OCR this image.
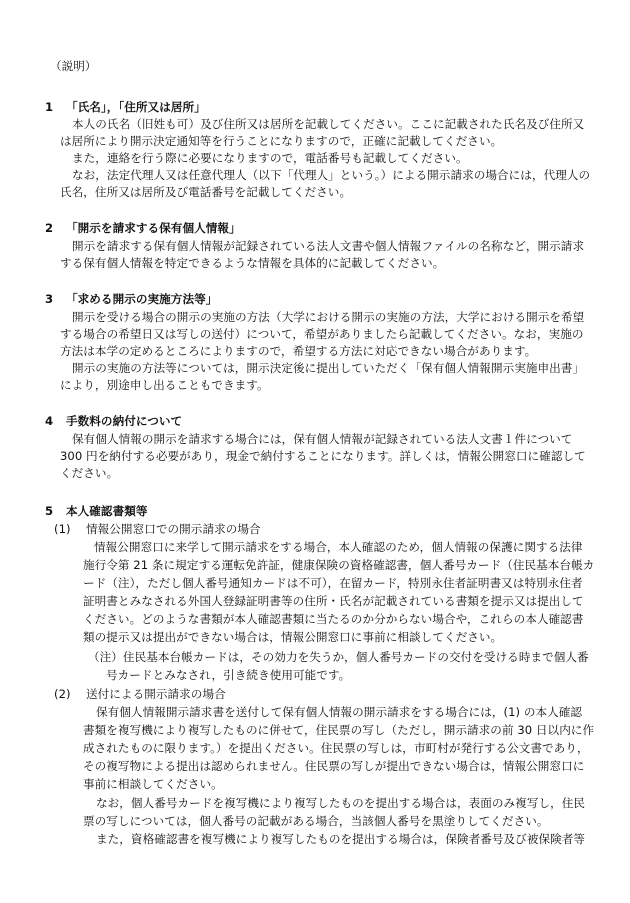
（説明）
1 「氏名」，「住所又は居所」
本人の氏名（旧姓も可）及び住所又は居所を記載してください。ここに記載された氏名及び住所又
は居所により開示決定通知等を行うことになりますので，正確に記載してください。
また，連絡を行う際に必要になりますので，電話番号も記載してください。
なお，法定代理人又は任意代理人（以下「代理人」という。）による開示請求の場合には，代理人の
氏名，住所又は居所及び電話番号を記載してください。
2 「開示を請求する保有個人情報」
開示を請求する保有個人情報が記録されている法人文書や個人情報ファイルの名称など，開示請求
する保有個人情報を特定できるような情報を具体的に記載してください。
3 「求める開示の実施方法等」
開示を受ける場合の開示の実施の方法（大学における開示の実施の方法，大学における開示を希望
する場合の希望日又は写しの送付）について，希望がありましたら記載してください。なお，実施の
方法は本学の定めるところによりますので，希望する方法に対応できない場合があります。
開示の実施の方法等については，開示決定後に提出していただく「保有個人情報開示実施申出書」
により，別途申し出ることもできます。
4 手数料の納付について
保有個人情報の開示を請求する場合には，保有個人情報が記録されている法人文書１件について
300 円を納付する必要があり，現金で納付することになります。詳しくは，情報公開窓口に確認して
ください。
5 本人確認書類等
(1) 情報公開窓口での開示請求の場合
情報公開窓口に来学して開示請求をする場合，本人確認のため，個人情報の保護に関する法律
施行令第 21 条に規定する運転免許証，健康保険の資格確認書，個人番号カード（住民基本台帳カ
ード（注），ただし個人番号通知カードは不可），在留カード，特別永住者証明書又は特別永住者
証明書とみなされる外国人登録証明書等の住所・氏名が記載されている書類を提示又は提出して
ください。どのような書類が本人確認書類に当たるのか分からない場合や，これらの本人確認書
類の提示又は提出ができない場合は，情報公開窓口に事前に相談してください。
（注）住民基本台帳カードは，その効力を失うか，個人番号カードの交付を受ける時まで個人番
号カードとみなされ，引き続き使用可能です。
(2) 送付による開示請求の場合
保有個人情報開示請求書を送付して保有個人情報の開示請求をする場合には，(1) の本人確認
書類を複写機により複写したものに併せて，住民票の写し（ただし，開示請求の前 30 日以内に作
成されたものに限ります。）を提出ください。住民票の写しは，市町村が発行する公文書であり，
その複写物による提出は認められません。住民票の写しが提出できない場合は，情報公開窓口に
事前に相談してください。
なお，個人番号カードを複写機により複写したものを提出する場合は，表面のみ複写し，住民
票の写しについては，個人番号の記載がある場合，当該個人番号を黒塗りしてください。
また，資格確認書を複写機により複写したものを提出する場合は，保険者番号及び被保険者等
